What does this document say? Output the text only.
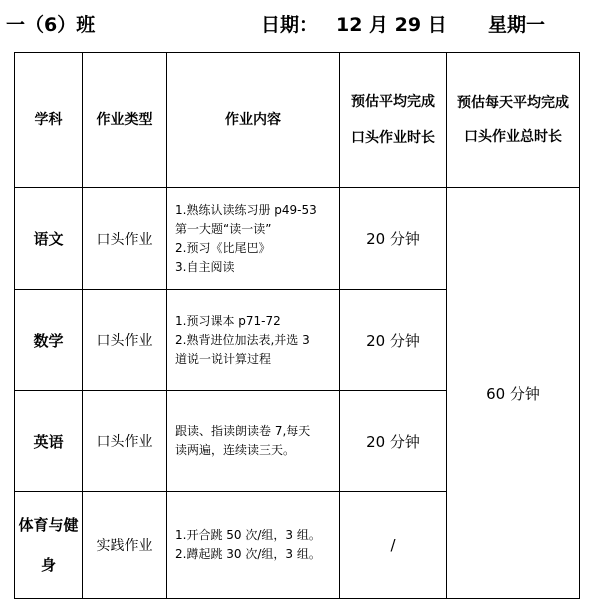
一（6）班	日期： 12 月 29 日 星期一
学科	作业类型	作业内容	预估平均完成口头作业时长	预估每天平均完成口头作业总时长
语文	口头作业	1.熟练认读练习册 p49-53
第一大题“读一读”
2.预习《比尾巴》
3.自主阅读	20 分钟	60 分钟
数学	口头作业	1.预习课本 p71-72
2.熟背进位加法表,并选 3
道说一说计算过程	20 分钟	
英语	口头作业	跟读、指读朗读卷 7,每天
读两遍，连续读三天。	20 分钟	
体育与健身	实践作业	1.开合跳 50 次/组，3 组。
2.蹲起跳 30 次/组，3 组。	/	
